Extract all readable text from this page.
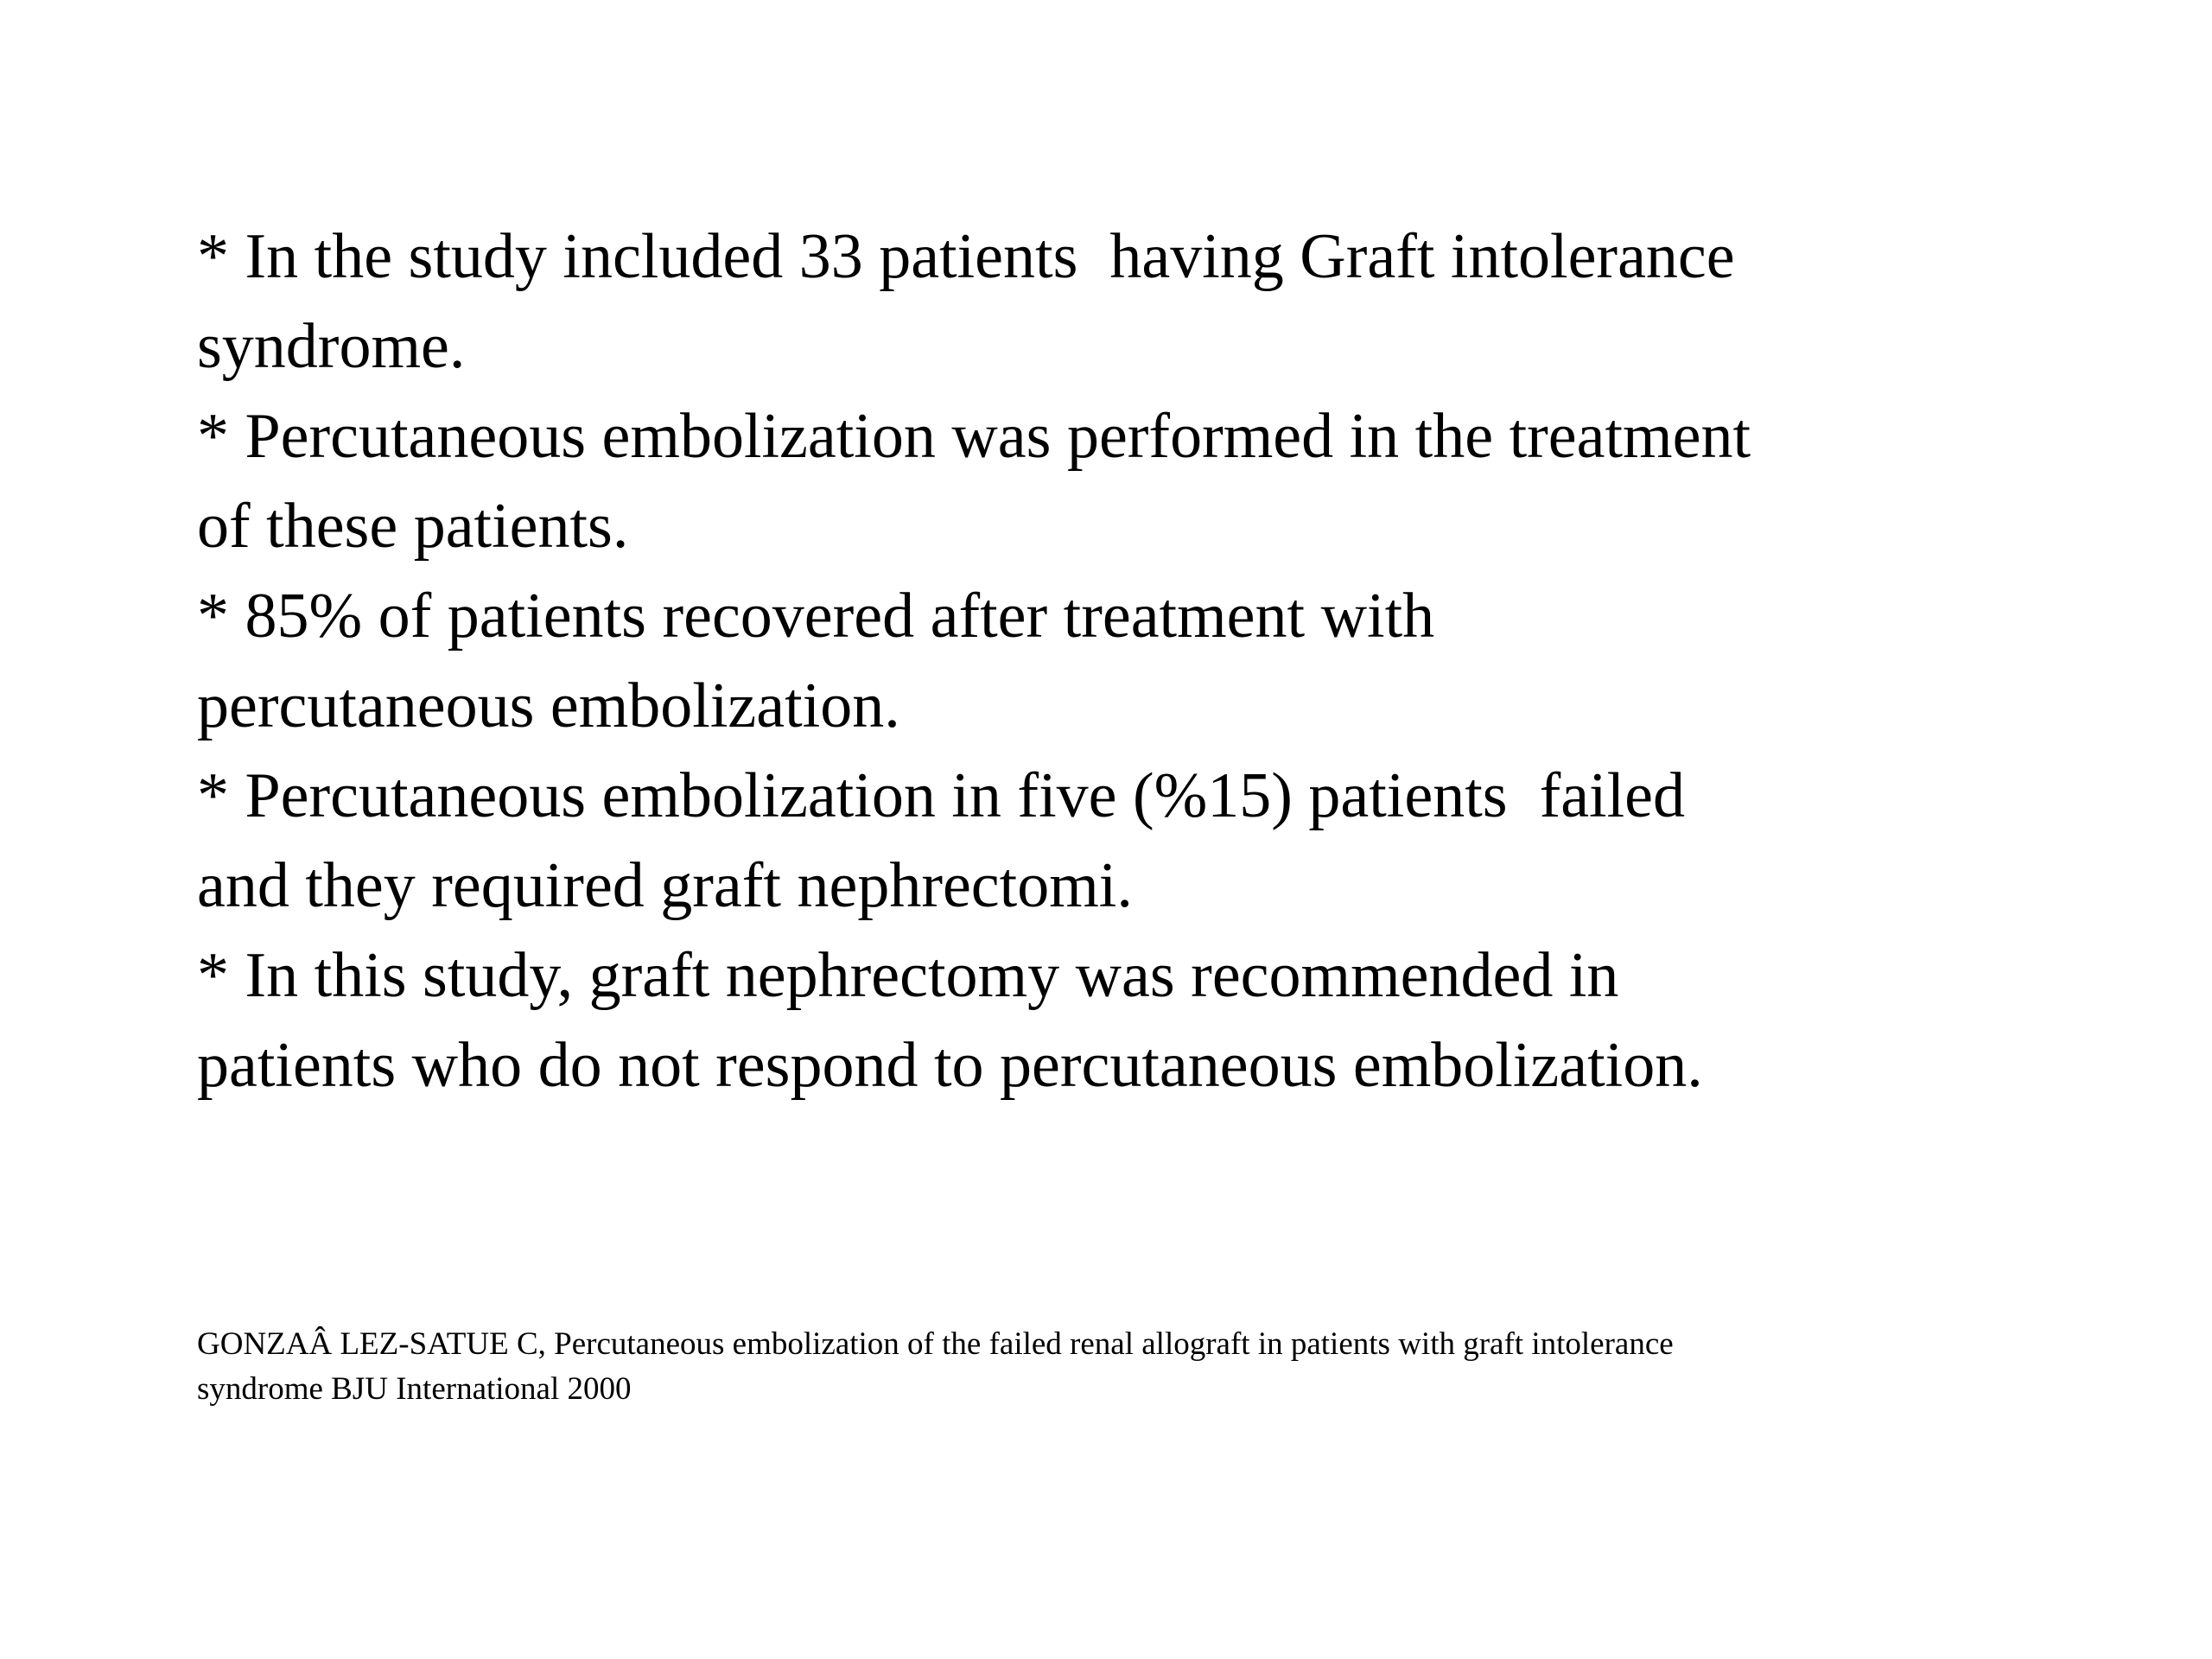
* In the study included 33 patients  having Graft intolerance
syndrome.
* Percutaneous embolization was performed in the treatment
of these patients.
* 85% of patients recovered after treatment with
percutaneous embolization.
* Percutaneous embolization in five (%15) patients  failed
and they required graft nephrectomi.
* In this study, graft nephrectomy was recommended in
patients who do not respond to percutaneous embolization.

GONZAÂ LEZ-SATUE C, Percutaneous embolization of the failed renal allograft in patients with graft intolerance
syndrome BJU International 2000
